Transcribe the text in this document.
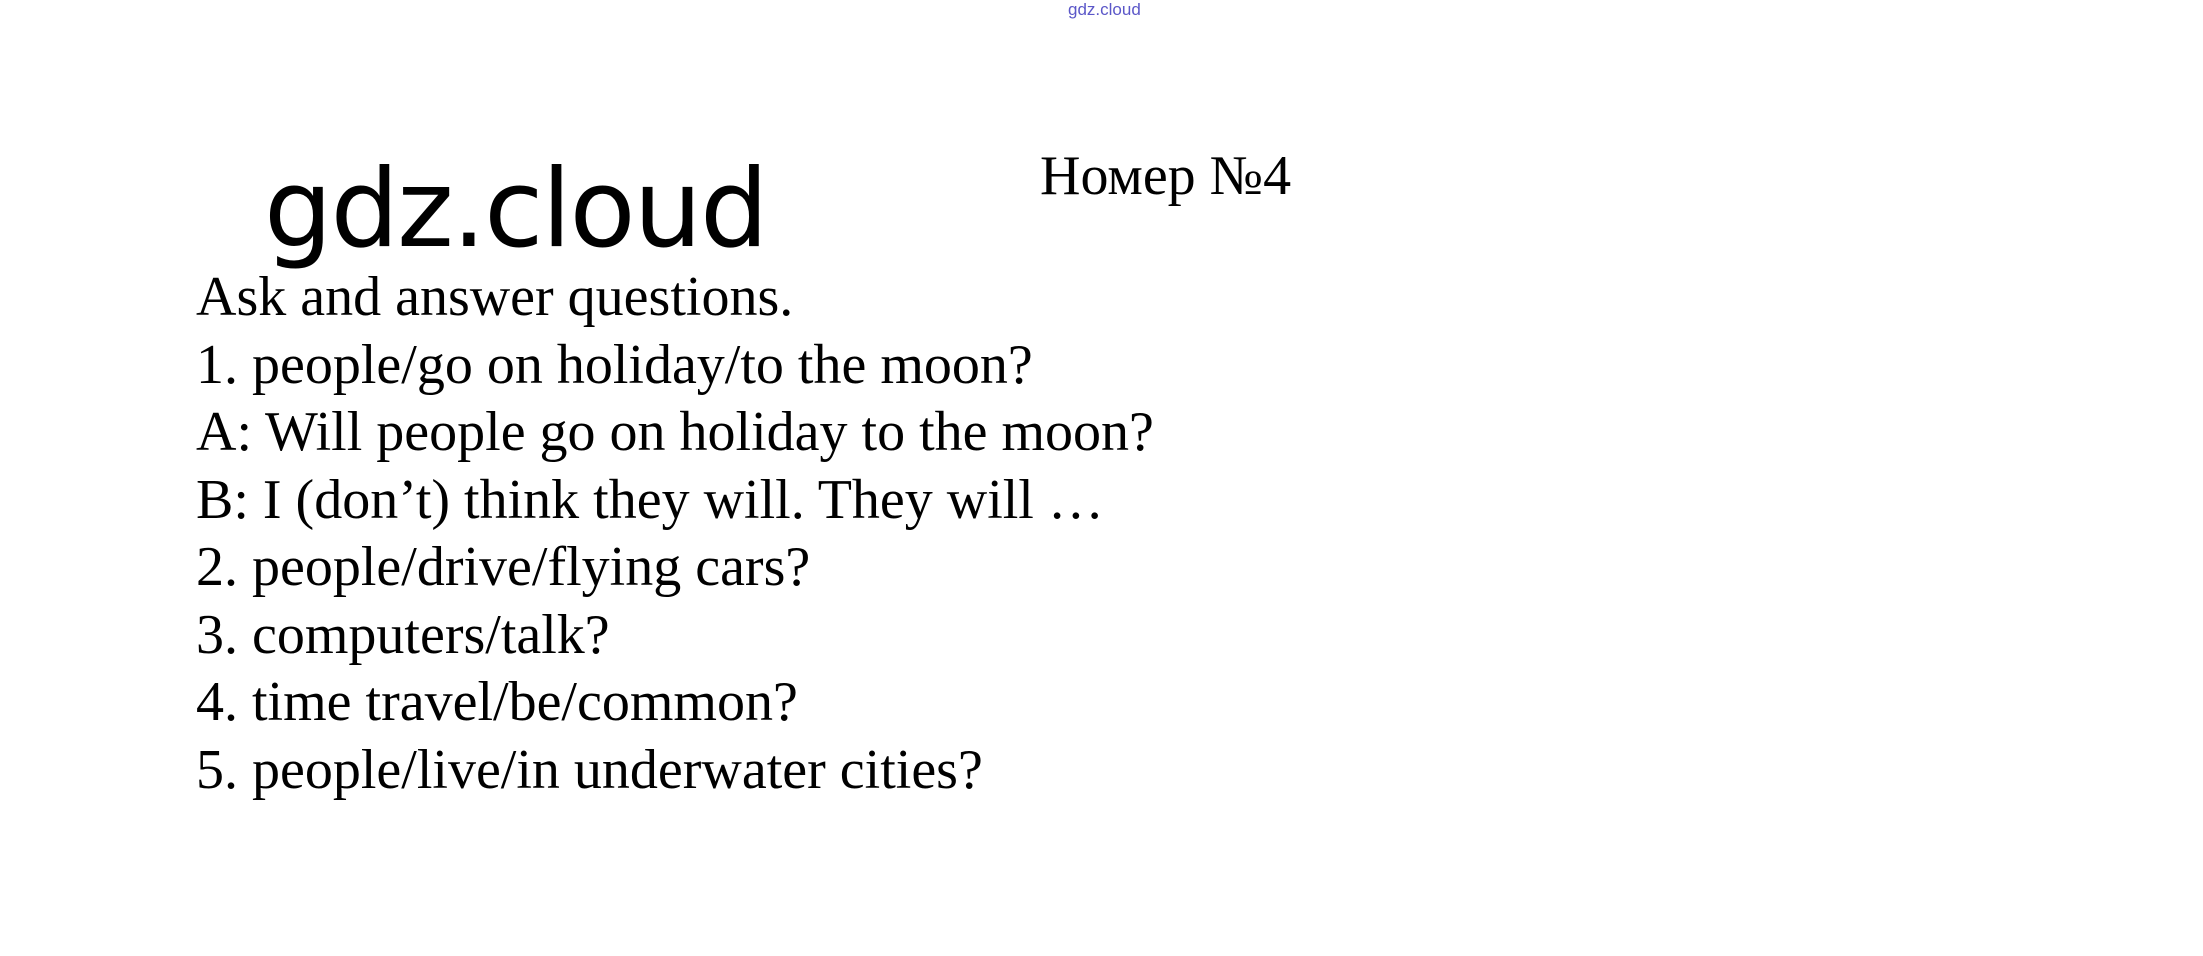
gdz.cloud
gdz.cloud	Номер №4
Ask and answer questions.
1. people/go on holiday/to the moon?
A: Will people go on holiday to the moon?
B: I (don’t) think they will. They will …
2. people/drive/flying cars?
3. computers/talk?
4. time travel/be/common?
5. people/live/in underwater cities?
